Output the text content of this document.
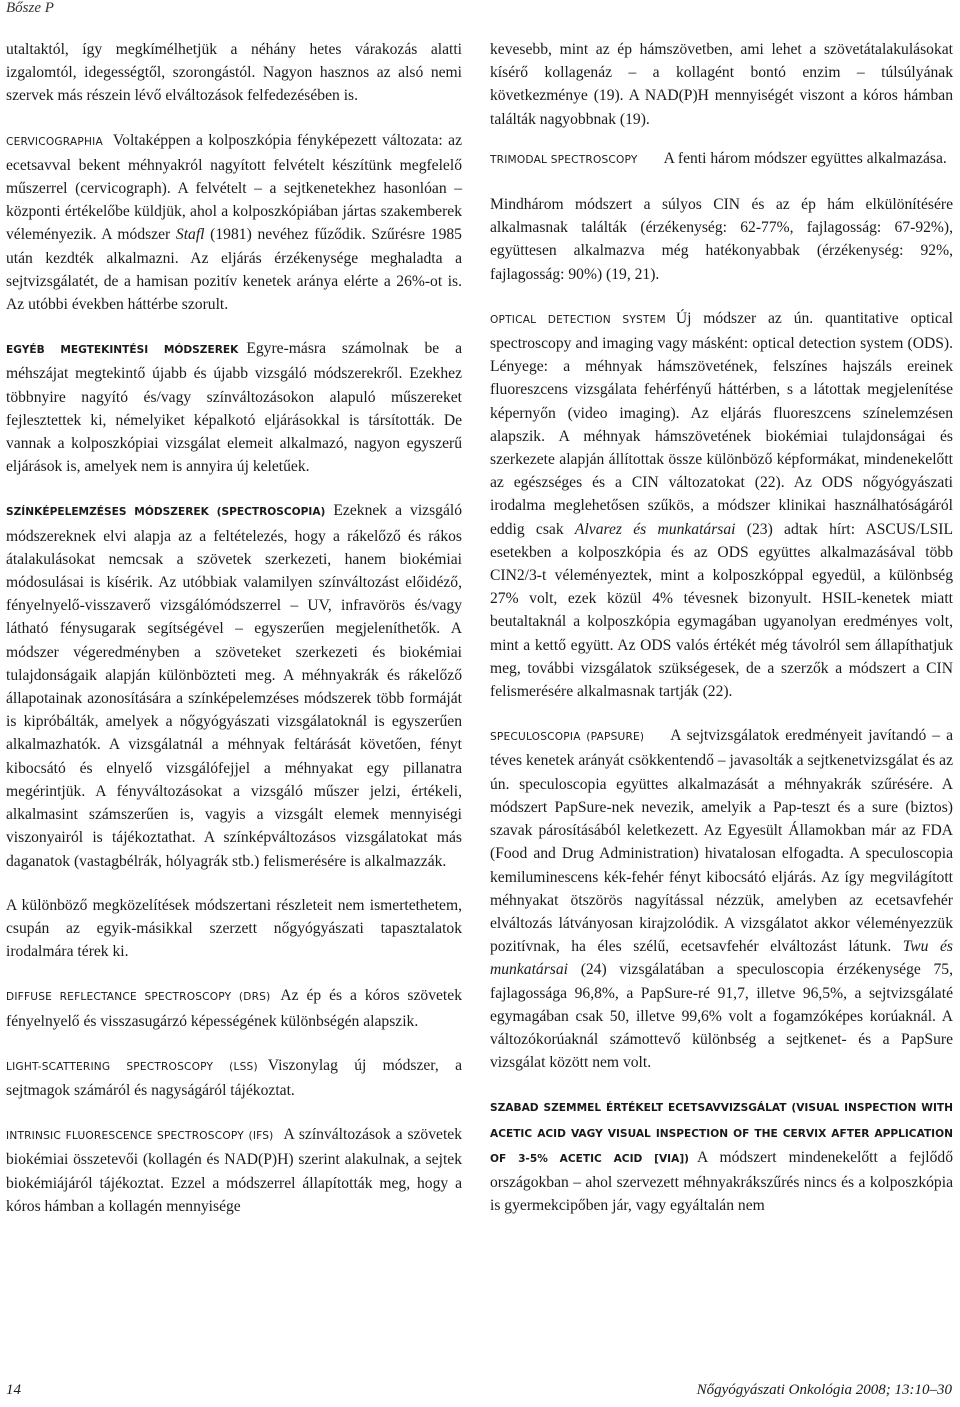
Bősze P

utaltaktól, így megkímélhetjük a néhány hetes várakozás alatti izgalomtól, idegességtől, szorongástól. Nagyon hasznos az alsó nemi szervek más részein lévő elváltozások felfedezésében is.

CERVICOGRAPHIA Voltaképpen a kolposzkópia fényképezett változata: az ecetsavval bekent méhnyakról nagyított felvételt készítünk megfelelő műszerrel (cervicograph). A felvételt – a sejtkenetekhez hasonlóan – központi értékelőbe küldjük, ahol a kolposzkópiában jártas szakemberek véleményezik. A módszer Stafl (1981) nevéhez fűződik. Szűrésre 1985 után kezdték alkalmazni. Az eljárás érzékenysége meghaladta a sejtvizsgálatét, de a hamisan pozitív kenetek aránya elérte a 26%-ot is. Az utóbbi években háttérbe szorult.

EGYÉB MEGTEKINTÉSI MÓDSZEREK Egyre-másra számolnak be a méhszájat megtekintő újabb és újabb vizsgáló módszerekről. Ezekhez többnyire nagyító és/vagy színváltozásokon alapuló műszereket fejlesztettek ki, némelyiket képalkotó eljárásokkal is társították. De vannak a kolposzkópiai vizsgálat elemeit alkalmazó, nagyon egyszerű eljárások is, amelyek nem is annyira új keletűek.

SZÍNKÉPELEMZÉSES MÓDSZEREK (SPECTROSCOPIA) Ezeknek a vizsgáló módszereknek elvi alapja az a feltételezés, hogy a rákelőző és rákos átalakulásokat nemcsak a szövetek szerkezeti, hanem biokémiai módosulásai is kísérik. Az utóbbiak valamilyen színváltozást előidéző, fényelnyelő-visszaverő vizsgálómódszerrel – UV, infravörös és/vagy látható fénysugarak segítségével – egyszerűen megjeleníthetők. A módszer végeredményben a szöveteket szerkezeti és biokémiai tulajdonságaik alapján különbözteti meg. A méhnyakrák és rákelőző állapotainak azonosítására a színképelemzéses módszerek több formáját is kipróbálták, amelyek a nőgyógyászati vizsgálatoknál is egyszerűen alkalmazhatók. A vizsgálatnál a méhnyak feltárását követően, fényt kibocsátó és elnyelő vizsgálófejjel a méhnyakat egy pillanatra megérintjük. A fényváltozásokat a vizsgáló műszer jelzi, értékeli, alkalmasint számszerűen is, vagyis a vizsgált elemek mennyiségi viszonyairól is tájékoztathat. A színképváltozásos vizsgálatokat más daganatok (vastagbélrák, hólyagrák stb.) felismerésére is alkalmazzák.

A különböző megközelítések módszertani részleteit nem ismertethetem, csupán az egyik-másikkal szerzett nőgyógyászati tapasztalatok irodalmára térek ki.

DIFFUSE REFLECTANCE SPECTROSCOPY (DRS) Az ép és a kóros szövetek fényelnyelő és visszasugárzó képességének különbségén alapszik.

LIGHT-SCATTERING SPECTROSCOPY (LSS) Viszonylag új módszer, a sejtmagok számáról és nagyságáról tájékoztat.

INTRINSIC FLUORESCENCE SPECTROSCOPY (IFS) A színváltozások a szövetek biokémiai összetevői (kollagén és NAD(P)H) szerint alakulnak, a sejtek biokémiájáról tájékoztat. Ezzel a módszerrel állapították meg, hogy a kóros hámban a kollagén mennyisége

kevesebb, mint az ép hámszövetben, ami lehet a szövetátalakulásokat kísérő kollagenáz – a kollagént bontó enzim – túlsúlyának következménye (19). A NAD(P)H mennyiségét viszont a kóros hámban találták nagyobbnak (19).

TRIMODAL SPECTROSCOPY A fenti három módszer együttes alkalmazása.

Mindhárom módszert a súlyos CIN és az ép hám elkülönítésére alkalmasnak találták (érzékenység: 62-77%, fajlagosság: 67-92%), együttesen alkalmazva még hatékonyabbak (érzékenység: 92%, fajlagosság: 90%) (19, 21).

OPTICAL DETECTION SYSTEM Új módszer az ún. quantitative optical spectroscopy and imaging vagy másként: optical detection system (ODS). Lényege: a méhnyak hámszövetének, felszínes hajszáls ereinek fluoreszcens vizsgálata fehérfényű háttérben, s a látottak megjelenítése képernyőn (video imaging). Az eljárás fluoreszcens színelemzésen alapszik. A méhnyak hámszövetének biokémiai tulajdonságai és szerkezete alapján állítottak össze különböző képformákat, mindenekelőtt az egészséges és a CIN változatokat (22). Az ODS nőgyógyászati irodalma meglehetősen szűkös, a módszer klinikai használhatóságáról eddig csak Alvarez és munkatársai (23) adtak hírt: ASCUS/LSIL esetekben a kolposzkópia és az ODS együttes alkalmazásával több CIN2/3-t véleményeztek, mint a kolposzkóppal egyedül, a különbség 27% volt, ezek közül 4% tévesnek bizonyult. HSIL-kenetek miatt beutaltaknál a kolposzkópia egymagában ugyanolyan eredményes volt, mint a kettő együtt. Az ODS valós értékét még távolról sem állapíthatjuk meg, további vizsgálatok szükségesek, de a szerzők a módszert a CIN felismerésére alkalmasnak tartják (22).

SPECULOSCOPIA (PAPSURE) A sejtvizsgálatok eredményeit javítandó – a téves kenetek arányát csökkentendő – javasolták a sejtkenetvizsgálat és az ún. speculoscopia együttes alkalmazását a méhnyakrák szűrésére. A módszert PapSure-nek nevezik, amelyik a Pap-teszt és a sure (biztos) szavak párosításából keletkezett. Az Egyesült Államokban már az FDA (Food and Drug Administration) hivatalosan elfogadta. A speculoscopia kemiluminescens kék-fehér fényt kibocsátó eljárás. Az így megvilágított méhnyakat ötszörös nagyítással nézzük, amelyben az ecetsavfehér elváltozás látványosan kirajzolódik. A vizsgálatot akkor véleményezzük pozitívnak, ha éles szélű, ecetsavfehér elváltozást látunk. Twu és munkatársai (24) vizsgálatában a speculoscopia érzékenysége 75, fajlagossága 96,8%, a PapSure-ré 91,7, illetve 96,5%, a sejtvizsgálaté egymagában csak 50, illetve 99,6% volt a fogamzóképes korúaknál. A változókorúaknál számottevő különbség a sejtkenet- és a PapSure vizsgálat között nem volt.

SZABAD SZEMMEL ÉRTÉKELT ECETSAVVIZSGÁLAT (VISUAL INSPECTION WITH ACETIC ACID VAGY VISUAL INSPECTION OF THE CERVIX AFTER APPLICATION OF 3-5% ACETIC ACID [VIA]) A módszert mindenekelőtt a fejlődő országokban – ahol szervezett méhnyakrákszűrés nincs és a kolposzkópia is gyermekcipőben jár, vagy egyáltalán nem

14	Nőgyógyászati Onkológia 2008; 13:10–30
